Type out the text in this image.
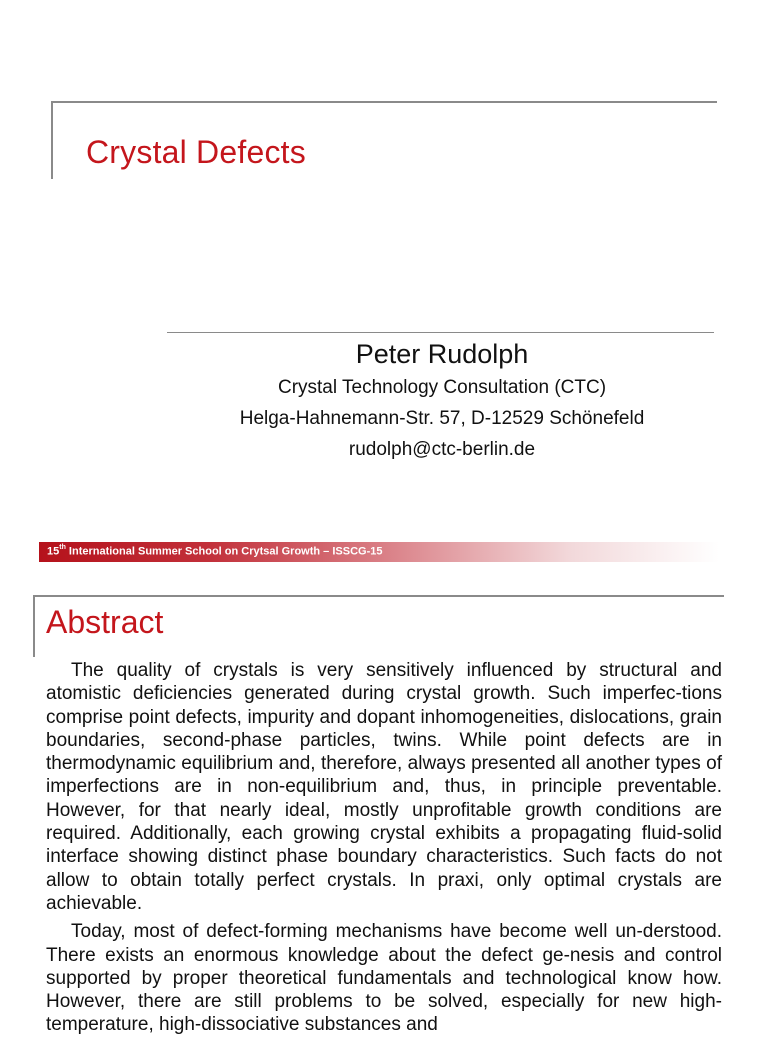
Crystal Defects
Peter Rudolph
Crystal Technology Consultation (CTC)
Helga-Hahnemann-Str. 57, D-12529 Schönefeld
rudolph@ctc-berlin.de
15th International Summer School on Crytsal Growth – ISSCG-15
Abstract

The quality of crystals is very sensitively influenced by structural and atomistic deficiencies generated during crystal growth. Such imperfec-tions comprise point defects, impurity and dopant inhomogeneities, dislocations, grain boundaries, second-phase particles, twins. While point defects are in thermodynamic equilibrium and, therefore, always presented all another types of imperfections are in non-equilibrium and, thus, in principle preventable. However, for that nearly ideal, mostly unprofitable growth conditions are required. Additionally, each growing crystal exhibits a propagating fluid-solid interface showing distinct phase boundary characteristics. Such facts do not allow to obtain totally perfect crystals. In praxi, only optimal crystals are achievable.

Today, most of defect-forming mechanisms have become well un-derstood. There exists an enormous knowledge about the defect ge-nesis and control supported by proper theoretical fundamentals and technological know how. However, there are still problems to be solved, especially for new high-temperature, high-dissociative substances and
